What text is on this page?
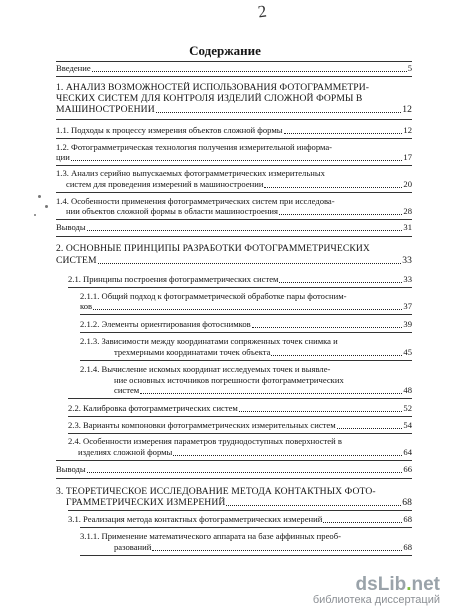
2
Содержание
Введение	5
1. АНАЛИЗ ВОЗМОЖНОСТЕЙ ИСПОЛЬЗОВАНИЯ ФОТОГРАММЕТРИ-
ЧЕСКИХ СИСТЕМ ДЛЯ КОНТРОЛЯ ИЗДЕЛИЙ СЛОЖНОЙ ФОРМЫ В
МАШИНОСТРОЕНИИ	12
1.1. Подходы к процессу измерения объектов сложной формы	12
1.2. Фотограмметрическая технология получения измерительной информа-
ции	17
1.3. Анализ серийно выпускаемых фотограмметрических измерительных
систем для проведения измерений в машиностроении	20
1.4. Особенности применения фотограмметрических систем при исследова-
нии объектов сложной формы в области машиностроения	28
Выводы	31
2. ОСНОВНЫЕ ПРИНЦИПЫ РАЗРАБОТКИ ФОТОГРАММЕТРИЧЕСКИХ
СИСТЕМ	33
2.1. Принципы построения фотограмметрических систем	33
2.1.1. Общий подход к фотограмметрической обработке пары фотосним-
ков	37
2.1.2. Элементы ориентирования фотоснимков	39
2.1.3. Зависимости между координатами сопряженных точек снимка и
трехмерными координатами точек объекта	45
2.1.4. Вычисление искомых координат исследуемых точек и выявле-
ние основных источников погрешности фотограмметрических
систем	48
2.2. Калибровка фотограмметрических систем	52
2.3. Варианты компоновки фотограмметрических измерительных систем	54
2.4. Особенности измерения параметров труднодоступных поверхностей в
изделиях сложной формы	64
Выводы	66
3. ТЕОРЕТИЧЕСКОЕ ИССЛЕДОВАНИЕ МЕТОДА КОНТАКТНЫХ ФОТО-
ГРАММЕТРИЧЕСКИХ ИЗМЕРЕНИЙ	68
3.1. Реализация метода контактных фотограмметрических измерений	68
3.1.1. Применение математического аппарата на базе аффинных преоб-
разований	68
dsLib.net
библиотека диссертаций
